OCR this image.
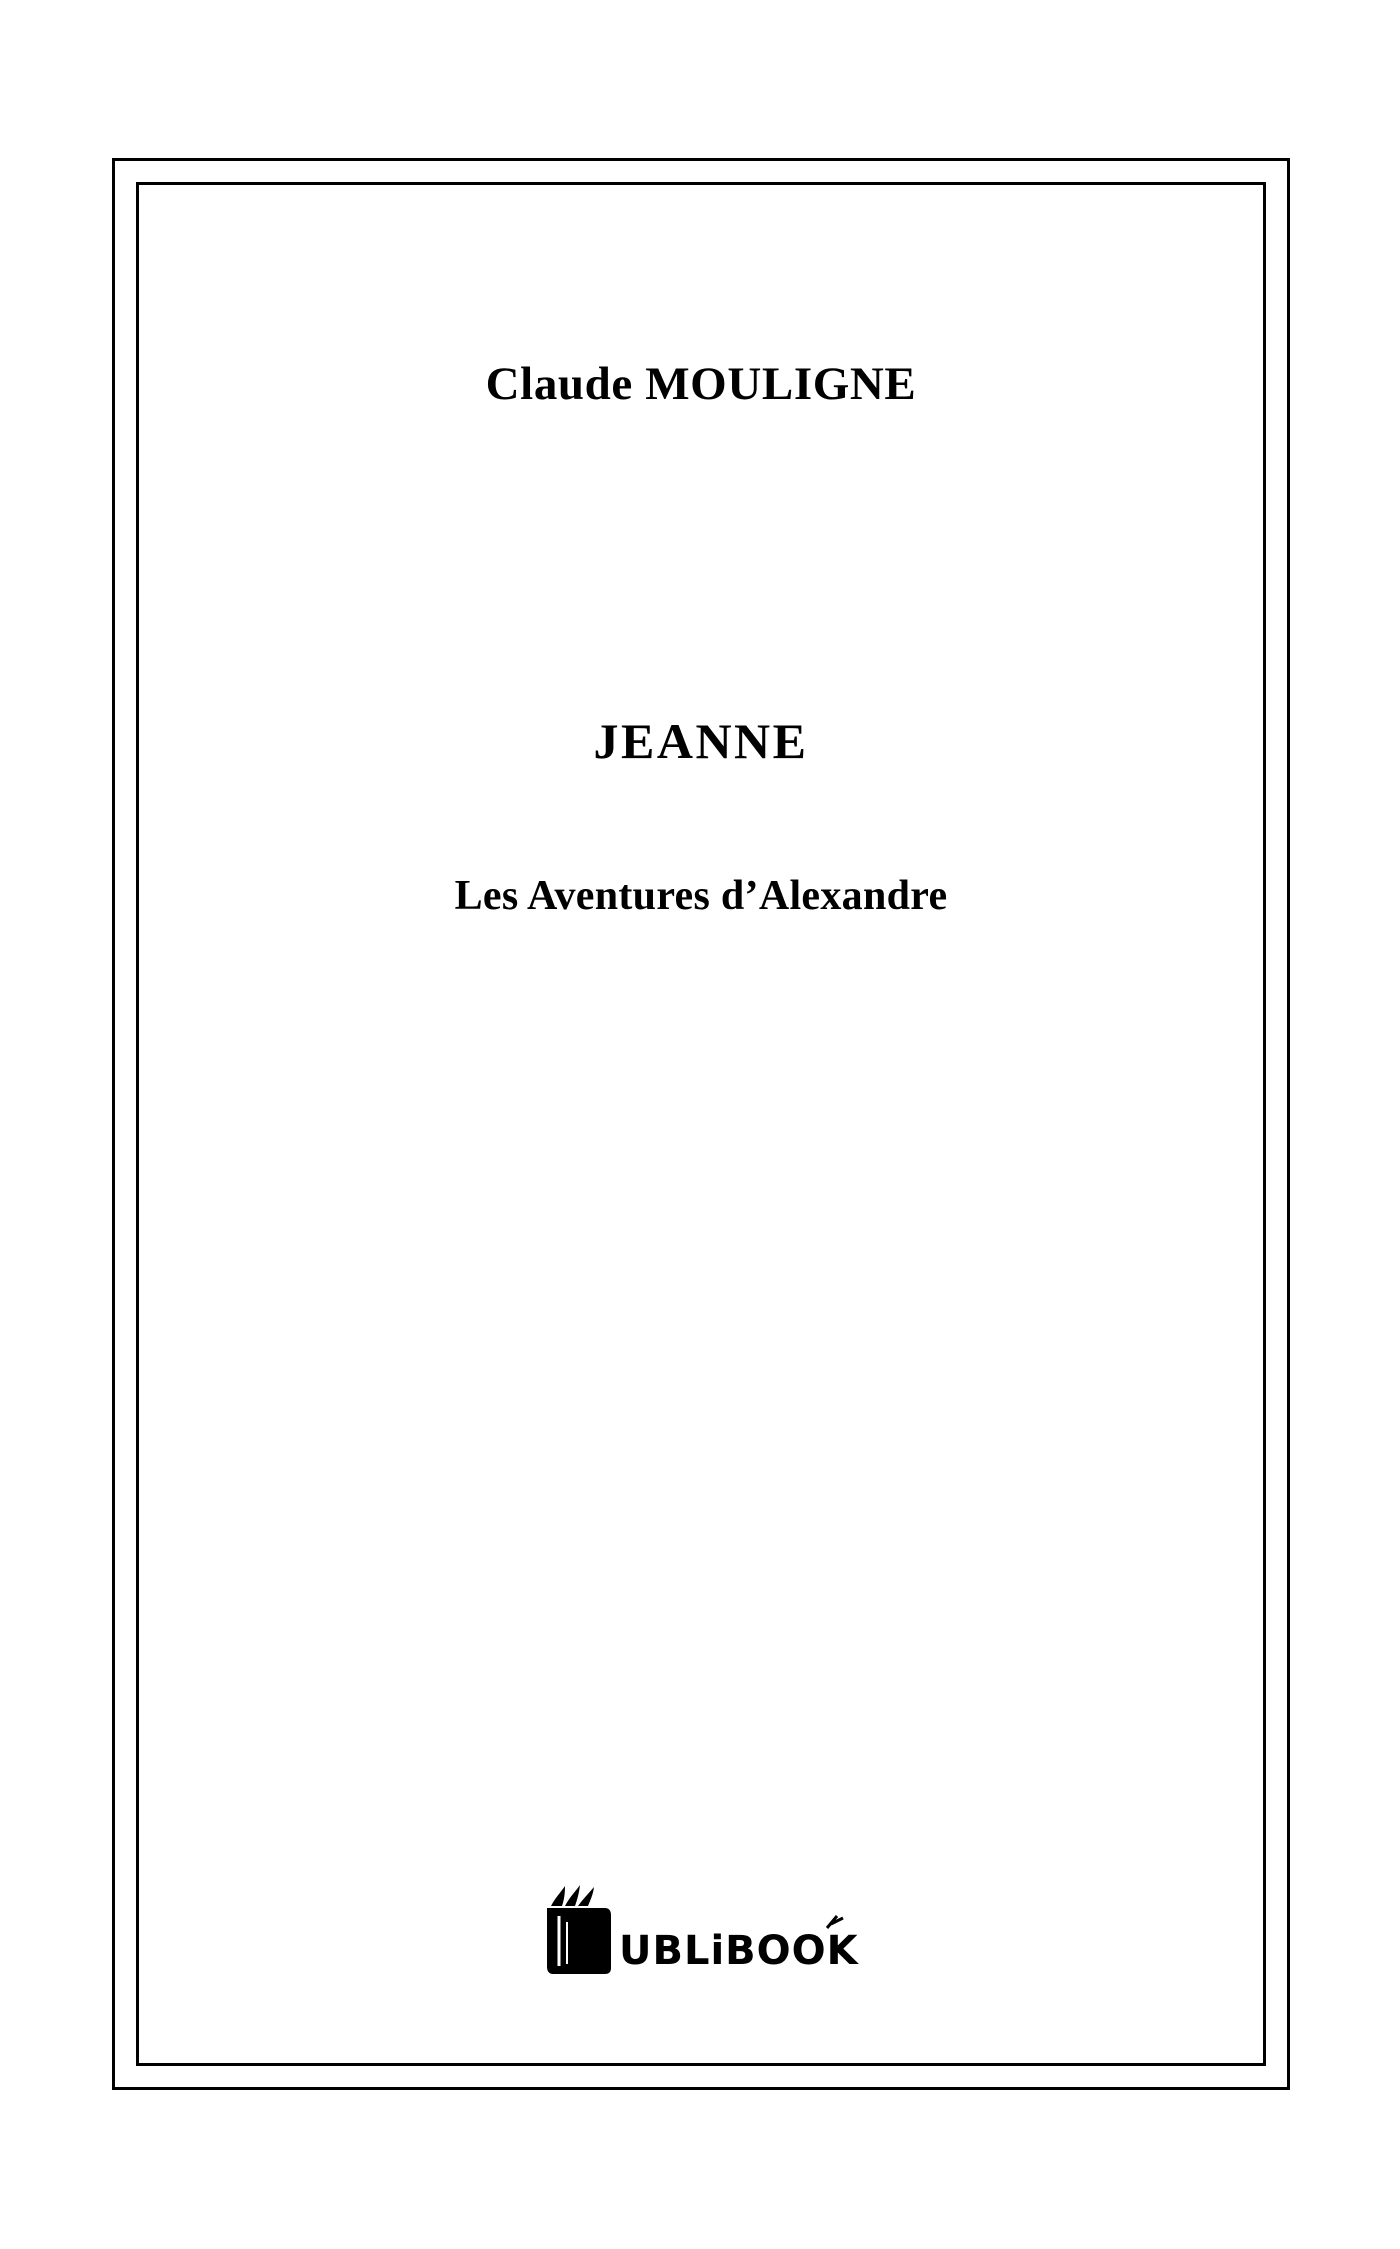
Claude MOULIGNE
JEANNE
Les Aventures d’Alexandre
P UBLiBOOK
